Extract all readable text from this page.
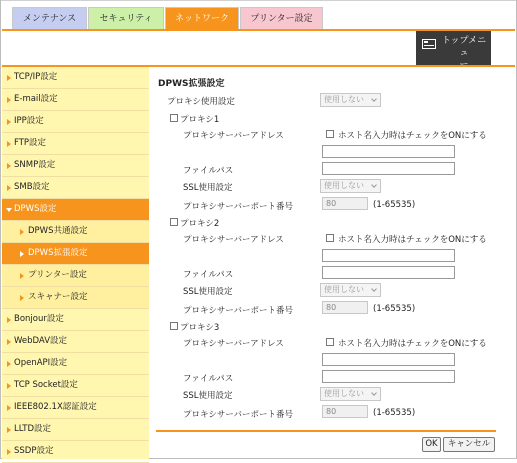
メンテナンス	セキュリティ	ネットワーク	プリンター設定
トップメニュ
TCP/IP設定
E-mail設定
IPP設定
FTP設定
SNMP設定
SMB設定
DPWS設定
DPWS共通設定
DPWS拡張設定
プリンター設定
スキャナー設定
Bonjour設定
WebDAV設定
OpenAPI設定
TCP Socket設定
IEEE802.1X認証設定
LLTD設定
SSDP設定
DPWS拡張設定
プロキシ使用設定	使用しない
プロキシ1
プロキシサーバーアドレス	ホスト名入力時はチェックをONにする
ファイルパス
SSL使用設定	使用しない
プロキシサーバーポート番号	80	(1-65535)
プロキシ2
プロキシサーバーアドレス	ホスト名入力時はチェックをONにする
ファイルパス
SSL使用設定	使用しない
プロキシサーバーポート番号	80	(1-65535)
プロキシ3
プロキシサーバーアドレス	ホスト名入力時はチェックをONにする
ファイルパス
SSL使用設定	使用しない
プロキシサーバーポート番号	80	(1-65535)
OK	キャンセル
